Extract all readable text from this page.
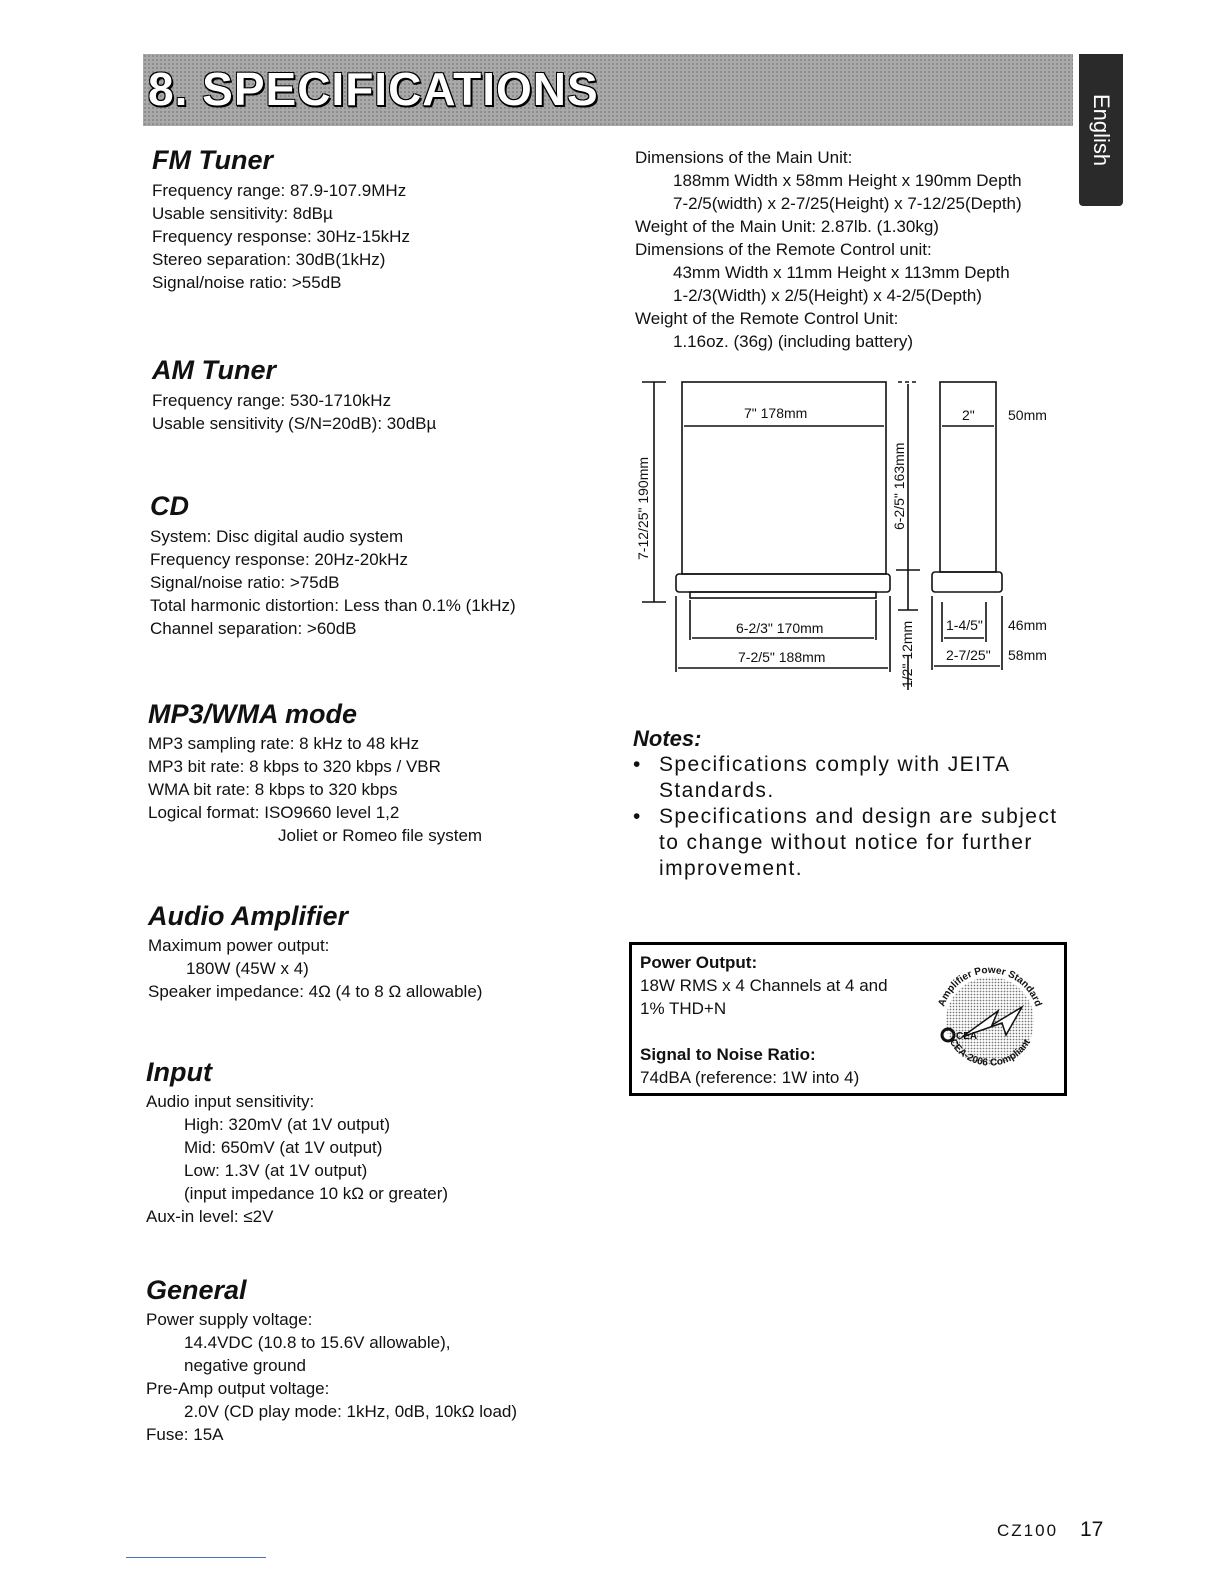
8. SPECIFICATIONS
English
FM Tuner

Frequency range: 87.9-107.9MHz

Usable sensitivity: 8dBµ

Frequency response: 30Hz-15kHz

Stereo separation: 30dB(1kHz)

Signal/noise ratio: >55dB

AM Tuner

Frequency range: 530-1710kHz

Usable sensitivity (S/N=20dB): 30dBµ

CD

System: Disc digital audio system

Frequency response: 20Hz-20kHz

Signal/noise ratio: >75dB

Total harmonic distortion: Less than 0.1% (1kHz)

Channel separation: >60dB

MP3/WMA mode

MP3 sampling rate: 8 kHz to 48 kHz

MP3 bit rate: 8 kbps to 320 kbps / VBR

WMA bit rate: 8 kbps to 320 kbps

Logical format: ISO9660 level 1,2

Joliet or Romeo file system

Audio Amplifier

Maximum power output:

180W (45W x 4)

Speaker impedance: 4Ω (4 to 8 Ω allowable)

Input

Audio input sensitivity:

High: 320mV (at 1V output)

Mid: 650mV (at 1V output)

Low: 1.3V (at 1V output)

(input impedance 10 kΩ or greater)

Aux-in level: ≤2V

General

Power supply voltage:

14.4VDC (10.8 to 15.6V allowable),

negative ground

Pre-Amp output voltage:

2.0V (CD play mode: 1kHz, 0dB, 10kΩ load)

Fuse: 15A

Dimensions of the Main Unit:

188mm Width x 58mm Height x 190mm Depth

7-2/5(width) x 2-7/25(Height) x 7-12/25(Depth)

Weight of the Main Unit: 2.87lb. (1.30kg)

Dimensions of the Remote Control unit:

43mm Width x 11mm Height x 113mm Depth

1-2/3(Width) x 2/5(Height) x 4-2/5(Depth)

Weight of the Remote Control Unit:

1.16oz. (36g) (including battery)

7" 178mm
7-12/25" 190mm	6-2/5" 163mm
6-2/3" 170mm
7-2/5" 188mm	1/2" 12mm
2" 50mm
1-4/5" 46mm
2-7/25" 58mm
Notes:
• Specifications comply with JEITA Standards.
• Specifications and design are subject to change without notice for further improvement.

Power Output:

18W RMS x 4 Channels at 4 and

1% THD+N

Signal to Noise Ratio:

74dBA (reference: 1W into 4)

CEA
Amplifier Power Standard
CEA-2006 Compliant
CZ100 17
